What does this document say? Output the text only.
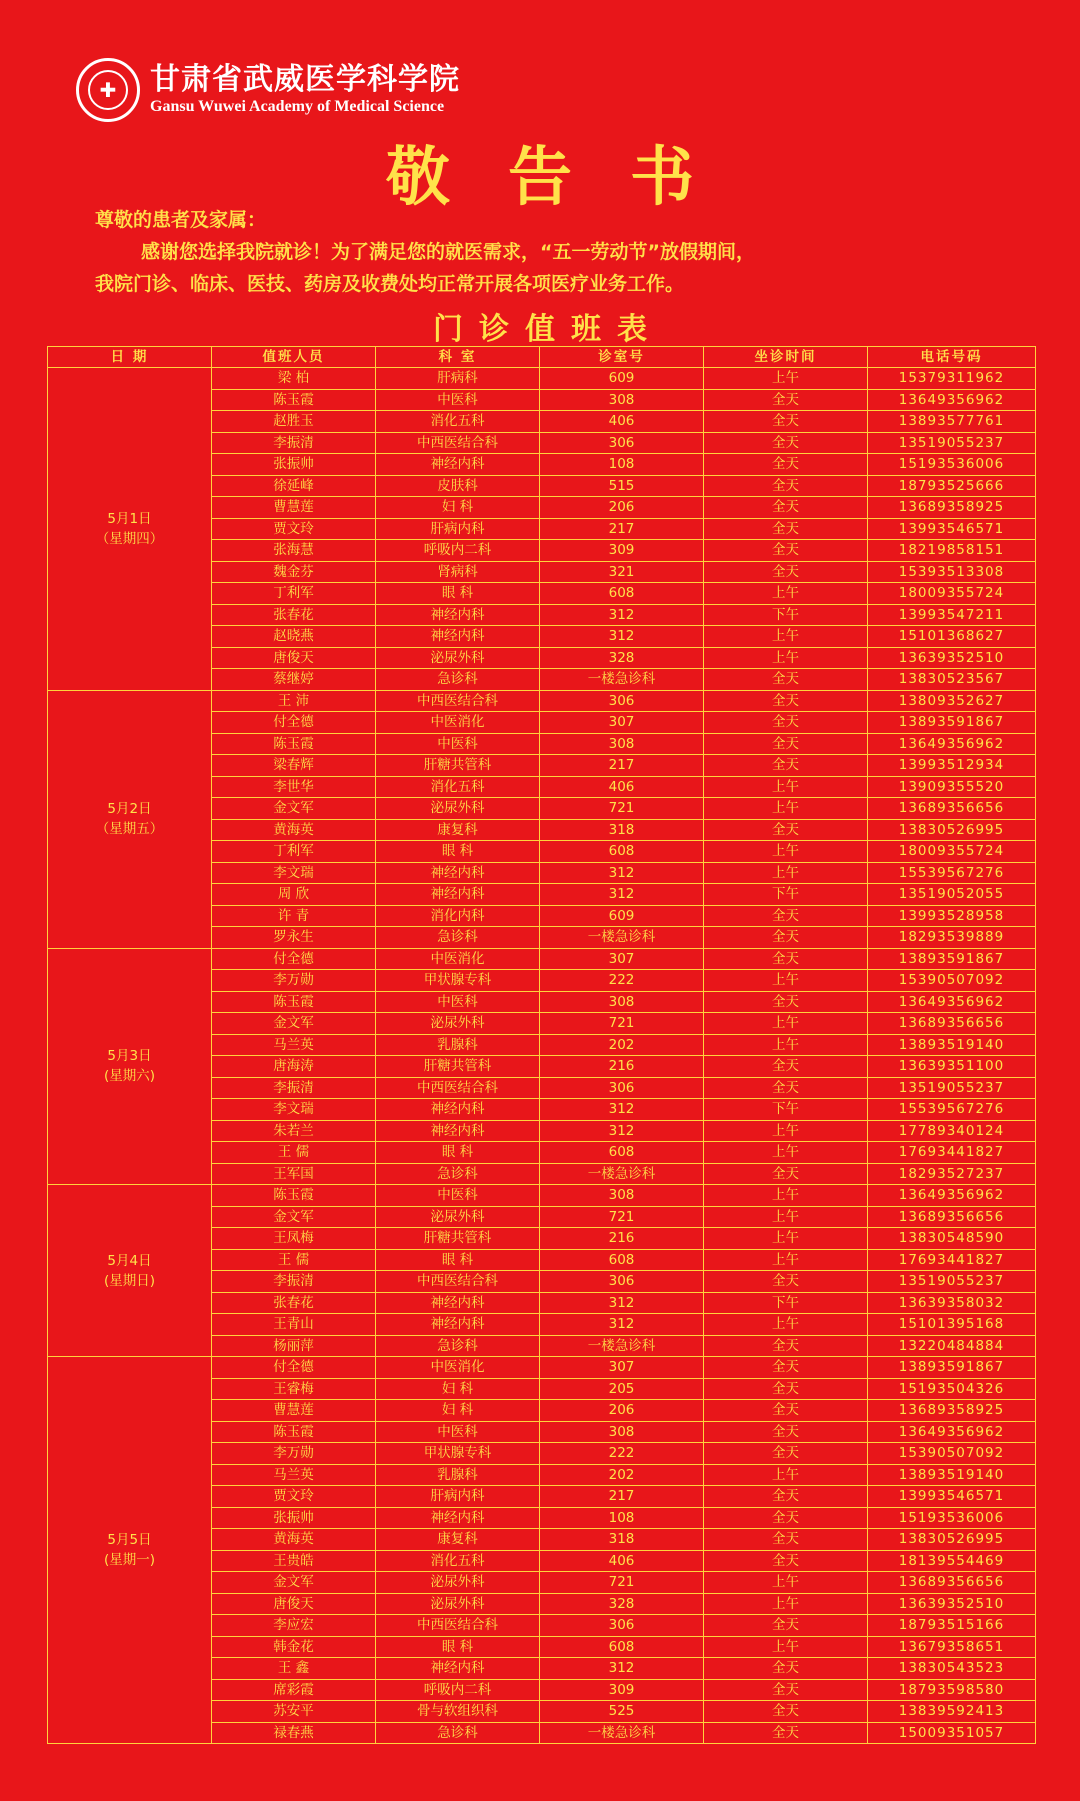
✚	甘肃省武威医学科学院
Gansu Wuwei Academy of Medical Science
敬告书

尊敬的患者及家属：

感谢您选择我院就诊！为了满足您的就医需求，“五一劳动节”放假期间，

我院门诊、临床、医技、药房及收费处均正常开展各项医疗业务工作。

门诊值班表
日 期	值班人员	科 室	诊室号	坐诊时间	电话号码

5月1日
（星期四）	梁 柏	肝病科	609	上午	15379311962
	陈玉霞	中医科	308	全天	13649356962
	赵胜玉	消化五科	406	全天	13893577761
	李振清	中西医结合科	306	全天	13519055237
	张振帅	神经内科	108	全天	15193536006
	徐延峰	皮肤科	515	全天	18793525666
	曹慧莲	妇 科	206	全天	13689358925
	贾文玲	肝病内科	217	全天	13993546571
	张海慧	呼吸内二科	309	全天	18219858151
	魏金芬	肾病科	321	全天	15393513308
	丁利军	眼 科	608	上午	18009355724
	张春花	神经内科	312	下午	13993547211
	赵晓燕	神经内科	312	上午	15101368627
	唐俊天	泌尿外科	328	上午	13639352510
	蔡继婷	急诊科	一楼急诊科	全天	13830523567

5月2日
（星期五）	王 沛	中西医结合科	306	全天	13809352627
	付全德	中医消化	307	全天	13893591867
	陈玉霞	中医科	308	全天	13649356962
	梁春辉	肝糖共管科	217	全天	13993512934
	李世华	消化五科	406	上午	13909355520
	金文军	泌尿外科	721	上午	13689356656
	黄海英	康复科	318	全天	13830526995
	丁利军	眼 科	608	上午	18009355724
	李文瑞	神经内科	312	上午	15539567276
	周 欣	神经内科	312	下午	13519052055
	许 青	消化内科	609	全天	13993528958
	罗永生	急诊科	一楼急诊科	全天	18293539889

5月3日
(星期六)	付全德	中医消化	307	全天	13893591867
	李万勋	甲状腺专科	222	上午	15390507092
	陈玉霞	中医科	308	全天	13649356962
	金文军	泌尿外科	721	上午	13689356656
	马兰英	乳腺科	202	上午	13893519140
	唐海涛	肝糖共管科	216	全天	13639351100
	李振清	中西医结合科	306	全天	13519055237
	李文瑞	神经内科	312	下午	15539567276
	朱若兰	神经内科	312	上午	17789340124
	王 儒	眼 科	608	上午	17693441827
	王军国	急诊科	一楼急诊科	全天	18293527237

5月4日
(星期日)	陈玉霞	中医科	308	上午	13649356962
	金文军	泌尿外科	721	上午	13689356656
	王凤梅	肝糖共管科	216	上午	13830548590
	王 儒	眼 科	608	上午	17693441827
	李振清	中西医结合科	306	全天	13519055237
	张春花	神经内科	312	下午	13639358032
	王青山	神经内科	312	上午	15101395168
	杨丽萍	急诊科	一楼急诊科	全天	13220484884

5月5日
(星期一)	付全德	中医消化	307	全天	13893591867
	王睿梅	妇 科	205	全天	15193504326
	曹慧莲	妇 科	206	全天	13689358925
	陈玉霞	中医科	308	全天	13649356962
	李万勋	甲状腺专科	222	全天	15390507092
	马兰英	乳腺科	202	上午	13893519140
	贾文玲	肝病内科	217	全天	13993546571
	张振帅	神经内科	108	全天	15193536006
	黄海英	康复科	318	全天	13830526995
	王贵皓	消化五科	406	全天	18139554469
	金文军	泌尿外科	721	上午	13689356656
	唐俊天	泌尿外科	328	上午	13639352510
	李应宏	中西医结合科	306	全天	18793515166
	韩金花	眼 科	608	上午	13679358651
	王 鑫	神经内科	312	全天	13830543523
	席彩霞	呼吸内二科	309	全天	18793598580
	苏安平	骨与软组织科	525	全天	13839592413
	禄春燕	急诊科	一楼急诊科	全天	15009351057
